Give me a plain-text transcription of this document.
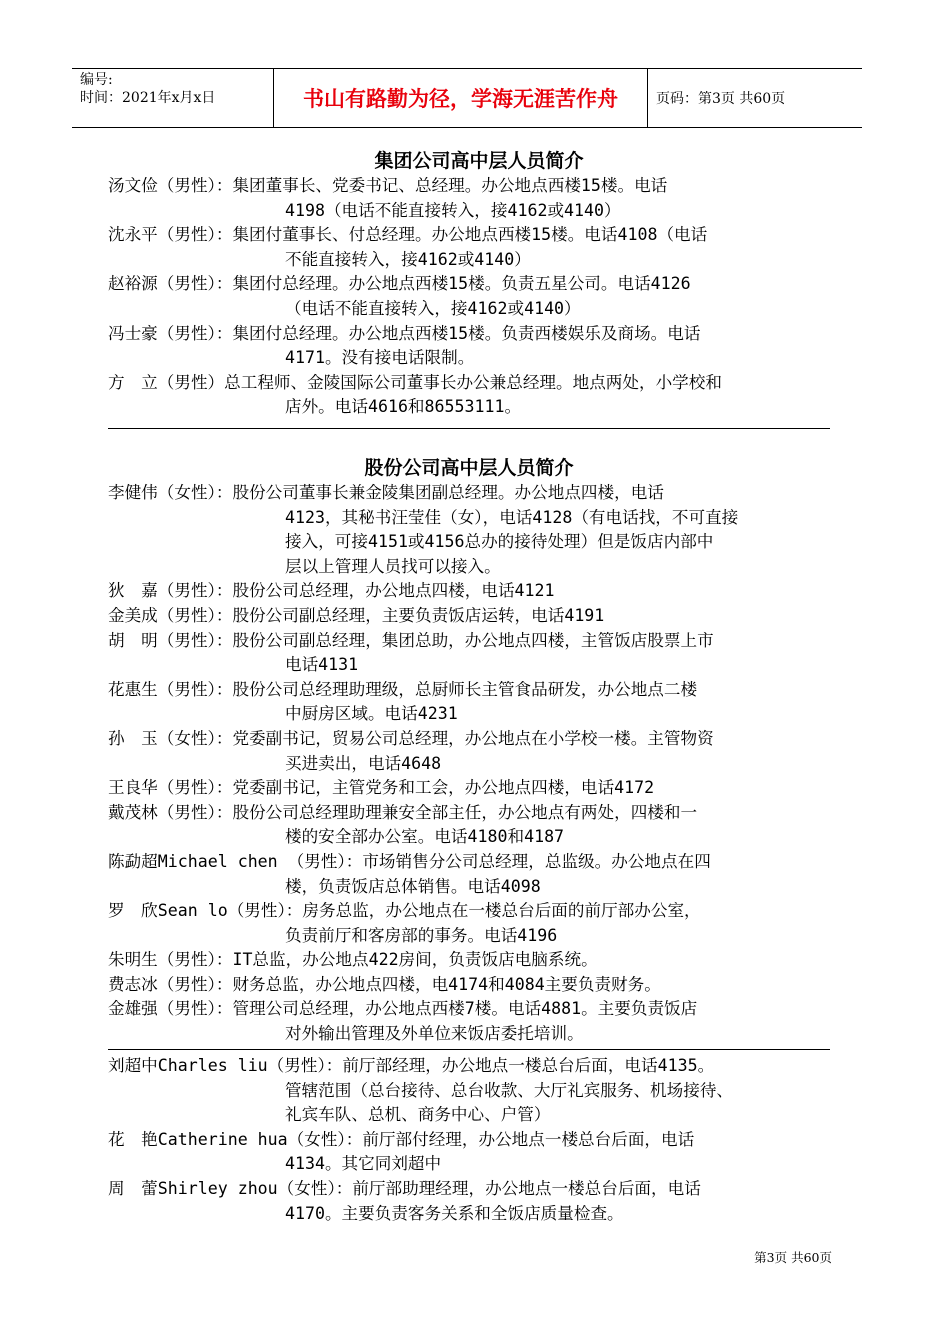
编号:
时间：2021年x月x日	书山有路勤为径，学海无涯苦作舟	页码：第3页 共60页
集团公司高中层人员简介
汤文俭（男性）：集团董事长、党委书记、总经理。办公地点西楼15楼。电话
4198（电话不能直接转入，接4162或4140）
沈永平（男性）：集团付董事长、付总经理。办公地点西楼15楼。电话4108（电话
不能直接转入，接4162或4140）
赵裕源（男性）：集团付总经理。办公地点西楼15楼。负责五星公司。电话4126
（电话不能直接转入，接4162或4140）
冯士豪（男性）：集团付总经理。办公地点西楼15楼。负责西楼娱乐及商场。电话
4171。没有接电话限制。
方　立（男性）总工程师、金陵国际公司董事长办公兼总经理。地点两处，小学校和
店外。电话4616和86553111。
股份公司高中层人员简介
李健伟（女性）：股份公司董事长兼金陵集团副总经理。办公地点四楼，电话
4123，其秘书汪莹佳（女），电话4128（有电话找，不可直接
接入，可接4151或4156总办的接待处理）但是饭店内部中
层以上管理人员找可以接入。
狄　嘉（男性）：股份公司总经理，办公地点四楼，电话4121
金美成（男性）：股份公司副总经理，主要负责饭店运转，电话4191
胡　明（男性）：股份公司副总经理，集团总助，办公地点四楼，主管饭店股票上市
电话4131
花惠生（男性）：股份公司总经理助理级，总厨师长主管食品研发，办公地点二楼
中厨房区域。电话4231
孙　玉（女性）：党委副书记，贸易公司总经理，办公地点在小学校一楼。主管物资
买进卖出，电话4648
王良华（男性）：党委副书记，主管党务和工会，办公地点四楼，电话4172
戴茂林（男性）：股份公司总经理助理兼安全部主任，办公地点有两处，四楼和一
楼的安全部办公室。电话4180和4187
陈勐超Michael chen （男性）：市场销售分公司总经理，总监级。办公地点在四
楼，负责饭店总体销售。电话4098
罗　欣Sean lo（男性）：房务总监，办公地点在一楼总台后面的前厅部办公室，
负责前厅和客房部的事务。电话4196
朱明生（男性）：IT总监，办公地点422房间，负责饭店电脑系统。
费志冰（男性）：财务总监，办公地点四楼，电4174和4084主要负责财务。
金雄强（男性）：管理公司总经理，办公地点西楼7楼。电话4881。主要负责饭店
对外输出管理及外单位来饭店委托培训。
刘超中Charles liu（男性）：前厅部经理，办公地点一楼总台后面，电话4135。
管辖范围（总台接待、总台收款、大厅礼宾服务、机场接待、
礼宾车队、总机、商务中心、户管）
花　艳Catherine hua（女性）：前厅部付经理，办公地点一楼总台后面，电话
4134。其它同刘超中
周　蕾Shirley zhou（女性）：前厅部助理经理，办公地点一楼总台后面，电话
4170。主要负责客务关系和全饭店质量检查。
第3页 共60页
